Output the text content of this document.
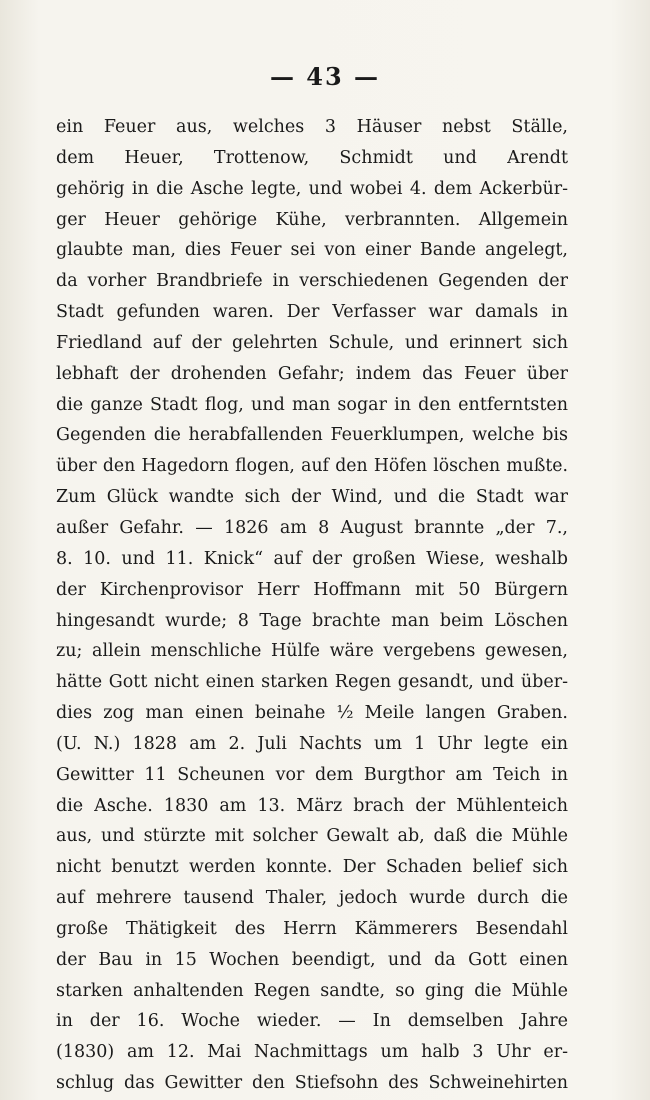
— 43 —
ein Feuer aus, welches 3 Häuser nebst Ställe,
dem Heuer, Trottenow, Schmidt und Arendt
gehörig in die Asche legte, und wobei 4. dem Ackerbür-
ger Heuer gehörige Kühe, verbrannten. Allgemein
glaubte man, dies Feuer sei von einer Bande angelegt,
da vorher Brandbriefe in verschiedenen Gegenden der
Stadt gefunden waren. Der Verfasser war damals in
Friedland auf der gelehrten Schule, und erinnert sich
lebhaft der drohenden Gefahr; indem das Feuer über
die ganze Stadt flog, und man sogar in den entferntsten
Gegenden die herabfallenden Feuerklumpen, welche bis
über den Hagedorn flogen, auf den Höfen löschen mußte.
Zum Glück wandte sich der Wind, und die Stadt war
außer Gefahr. — 1826 am 8 August brannte „der 7.,
8. 10. und 11. Knick“ auf der großen Wiese, weshalb
der Kirchenprovisor Herr Hoffmann mit 50 Bürgern
hingesandt wurde; 8 Tage brachte man beim Löschen
zu; allein menschliche Hülfe wäre vergebens gewesen,
hätte Gott nicht einen starken Regen gesandt, und über-
dies zog man einen beinahe ½ Meile langen Graben.
(U. N.) 1828 am 2. Juli Nachts um 1 Uhr legte ein
Gewitter 11 Scheunen vor dem Burgthor am Teich in
die Asche. 1830 am 13. März brach der Mühlenteich
aus, und stürzte mit solcher Gewalt ab, daß die Mühle
nicht benutzt werden konnte. Der Schaden belief sich
auf mehrere tausend Thaler, jedoch wurde durch die
große Thätigkeit des Herrn Kämmerers Besendahl
der Bau in 15 Wochen beendigt, und da Gott einen
starken anhaltenden Regen sandte, so ging die Mühle
in der 16. Woche wieder. — In demselben Jahre
(1830) am 12. Mai Nachmittags um halb 3 Uhr er-
schlug das Gewitter den Stiefsohn des Schweinehirten
